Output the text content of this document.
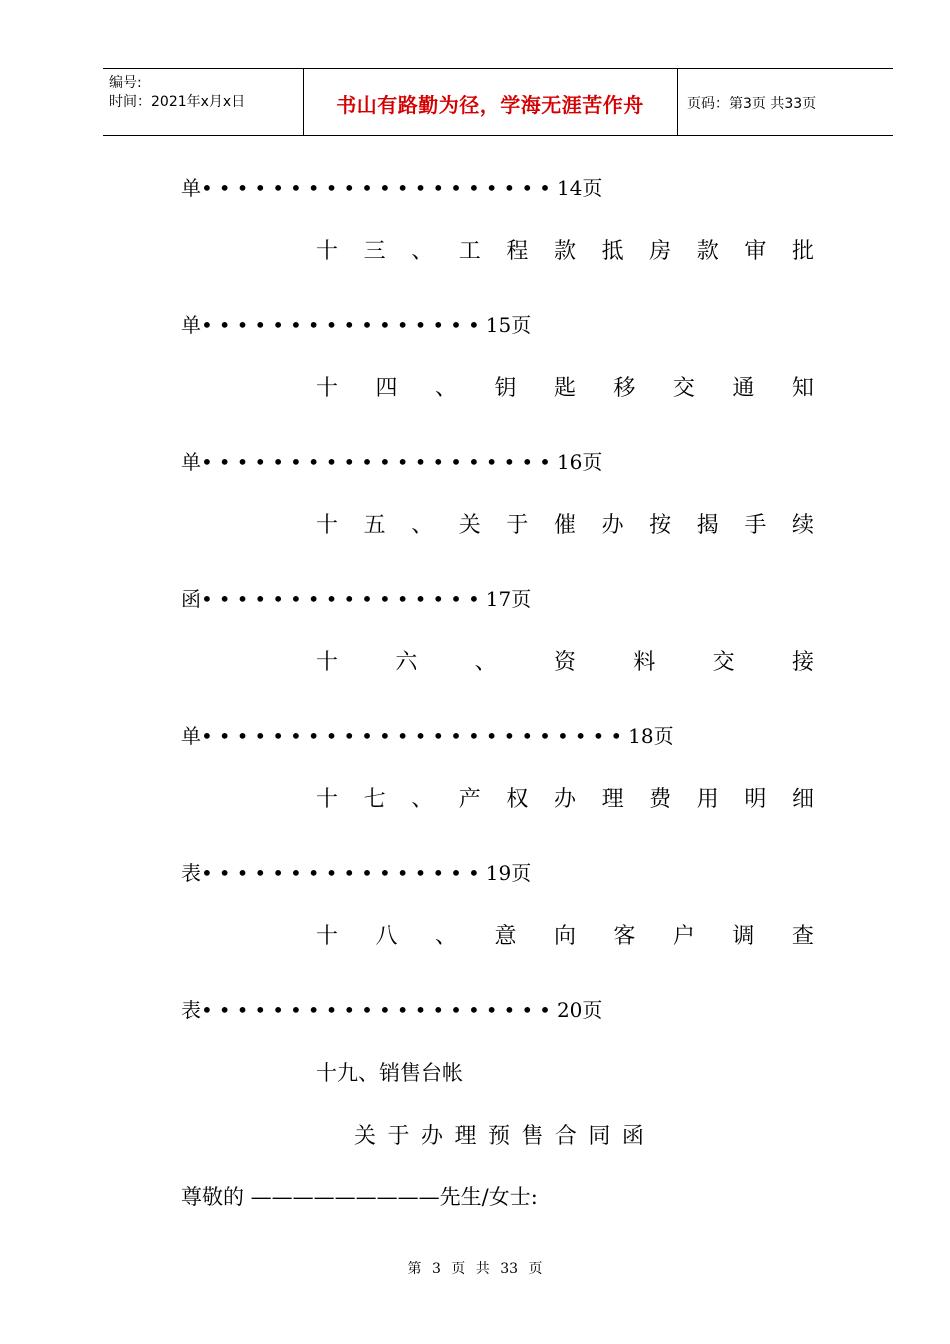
编号:
时间：2021年x月x日	书山有路勤为径，学海无涯苦作舟	页码：第3页 共33页
单••••••••••••••••••••14页
十 三 、 工 程 款 抵 房 款 审 批
单••••••••••••••••15页
十 四 、 钥 匙 移 交 通 知
单••••••••••••••••••••16页
十 五 、 关 于 催 办 按 揭 手 续
函••••••••••••••••17页
十	六	、	资	料	交	接
单••••••••••••••••••••••••18页
十 七 、 产 权 办 理 费 用 明 细
表••••••••••••••••19页
十 八 、 意 向 客 户 调 查
表••••••••••••••••••••20页
十九、销售台帐
关 于 办 理 预 售 合 同 函
尊敬的 —————————先生/女士:
第 3 页 共 33 页
